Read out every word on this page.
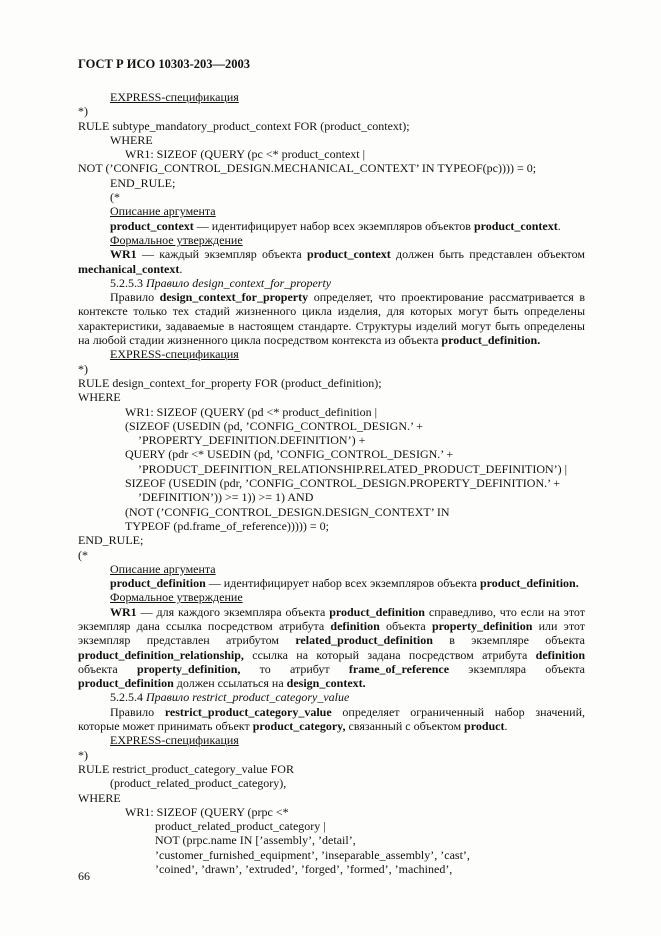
ГОСТ Р ИСО 10303-203—2003
EXPRESS-спецификация
*)
RULE subtype_mandatory_product_context FOR (product_context);
WHERE
WR1: SIZEOF (QUERY (pc <* product_context |
NOT (’CONFIG_CONTROL_DESIGN.MECHANICAL_CONTEXT’ IN TYPEOF(pc)))) = 0;
END_RULE;
(*
Описание аргумента
product_context — идентифицирует набор всех экземпляров объектов product_context.
Формальное утверждение
WR1 — каждый экземпляр объекта product_context должен быть представлен объектом mechanical_context.
5.2.5.3 Правило design_context_for_property
Правило design_context_for_property определяет, что проектирование рассматривается в контексте только тех стадий жизненного цикла изделия, для которых могут быть определены характеристики, задаваемые в настоящем стандарте. Структуры изделий могут быть определены на любой стадии жизненного цикла посредством контекста из объекта product_definition.
EXPRESS-спецификация
*)
RULE design_context_for_property FOR (product_definition);
WHERE
WR1: SIZEOF (QUERY (pd <* product_definition |
(SIZEOF (USEDIN (pd, ’CONFIG_CONTROL_DESIGN.’ +
’PROPERTY_DEFINITION.DEFINITION’) +
QUERY (pdr <* USEDIN (pd, ’CONFIG_CONTROL_DESIGN.’ +
’PRODUCT_DEFINITION_RELATIONSHIP.RELATED_PRODUCT_DEFINITION’) |
SIZEOF (USEDIN (pdr, ’CONFIG_CONTROL_DESIGN.PROPERTY_DEFINITION.’ +
’DEFINITION’)) >= 1)) >= 1) AND
(NOT (’CONFIG_CONTROL_DESIGN.DESIGN_CONTEXT’ IN
TYPEOF (pd.frame_of_reference))))) = 0;
END_RULE;
(*
Описание аргумента
product_definition — идентифицирует набор всех экземпляров объекта product_definition.
Формальное утверждение
WR1 — для каждого экземпляра объекта product_definition справедливо, что если на этот экземпляр дана ссылка посредством атрибута definition объекта property_definition или этот экземпляр представлен атрибутом related_product_definition в экземпляре объекта product_definition_relationship, ссылка на который задана посредством атрибута definition объекта property_definition, то атрибут frame_of_reference экземпляра объекта product_definition должен ссылаться на design_context.
5.2.5.4 Правило restrict_product_category_value
Правило restrict_product_category_value определяет ограниченный набор значений, которые может принимать объект product_category, связанный с объектом product.
EXPRESS-спецификация
*)
RULE restrict_product_category_value FOR
(product_related_product_category),
WHERE
WR1: SIZEOF (QUERY (prpc <*
product_related_product_category |
NOT (prpc.name IN [’assembly’, ’detail’,
’customer_furnished_equipment’, ’inseparable_assembly’, ’cast’,
’coined’, ’drawn’, ’extruded’, ’forged’, ’formed’, ’machined’,
66
